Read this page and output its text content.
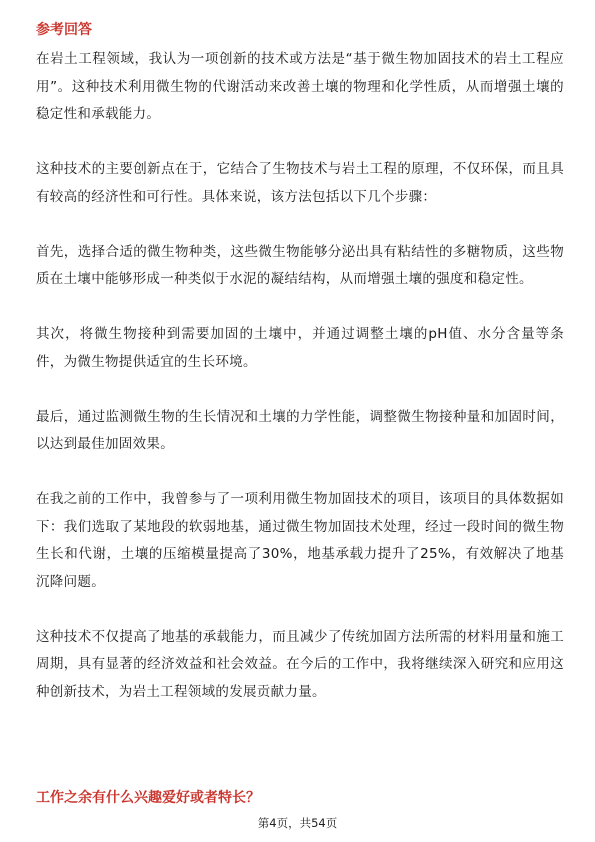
参考回答

在岩土工程领域，我认为一项创新的技术或方法是“基于微生物加固技术的岩土工程应用”。这种技术利用微生物的代谢活动来改善土壤的物理和化学性质，从而增强土壤的稳定性和承载能力。

这种技术的主要创新点在于，它结合了生物技术与岩土工程的原理，不仅环保，而且具有较高的经济性和可行性。具体来说，该方法包括以下几个步骤：

首先，选择合适的微生物种类，这些微生物能够分泌出具有粘结性的多糖物质，这些物质在土壤中能够形成一种类似于水泥的凝结结构，从而增强土壤的强度和稳定性。

其次，将微生物接种到需要加固的土壤中，并通过调整土壤的pH值、水分含量等条件，为微生物提供适宜的生长环境。

最后，通过监测微生物的生长情况和土壤的力学性能，调整微生物接种量和加固时间，以达到最佳加固效果。

在我之前的工作中，我曾参与了一项利用微生物加固技术的项目，该项目的具体数据如下：我们选取了某地段的软弱地基，通过微生物加固技术处理，经过一段时间的微生物生长和代谢，土壤的压缩模量提高了30%，地基承载力提升了25%，有效解决了地基沉降问题。

这种技术不仅提高了地基的承载能力，而且减少了传统加固方法所需的材料用量和施工周期，具有显著的经济效益和社会效益。在今后的工作中，我将继续深入研究和应用这种创新技术，为岩土工程领域的发展贡献力量。

工作之余有什么兴趣爱好或者特长？
第4页，共54页
